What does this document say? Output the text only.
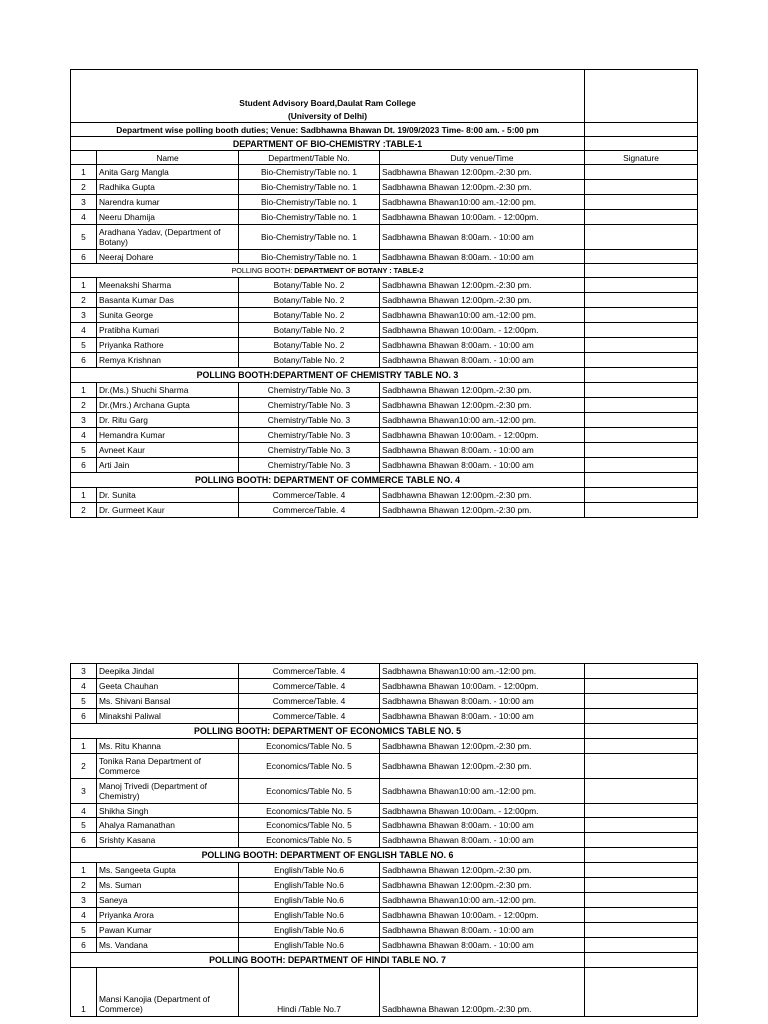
Student Advisory Board,Daulat Ram College				
(University of Delhi)				
Department wise polling booth duties; Venue: Sadbhawna Bhawan Dt. 19/09/2023 Time- 8:00 am. - 5:00 pm				
DEPARTMENT OF BIO-CHEMISTRY :TABLE-1				
	Name	Department/Table No.	Duty venue/Time	Signature
1	Anita Garg Mangla	Bio-Chemistry/Table no. 1	Sadbhawna Bhawan 12:00pm.-2:30 pm.	
2	Radhika Gupta	Bio-Chemistry/Table no. 1	Sadbhawna Bhawan 12:00pm.-2:30 pm.	
3	Narendra kumar	Bio-Chemistry/Table no. 1	Sadbhawna Bhawan10:00 am.-12:00 pm.	
4	Neeru Dhamija	Bio-Chemistry/Table no. 1	Sadbhawna Bhawan 10:00am. - 12:00pm.	
5	Aradhana Yadav, (Department of Botany)	Bio-Chemistry/Table no. 1	Sadbhawna Bhawan 8:00am. - 10:00 am	
6	Neeraj Dohare	Bio-Chemistry/Table no. 1	Sadbhawna Bhawan 8:00am. - 10:00 am	
POLLING BOOTH: DEPARTMENT OF BOTANY : TABLE-2				
1	Meenakshi Sharma	Botany/Table No. 2	Sadbhawna Bhawan 12:00pm.-2:30 pm.	
2	Basanta Kumar Das	Botany/Table No. 2	Sadbhawna Bhawan 12:00pm.-2:30 pm.	
3	Sunita George	Botany/Table No. 2	Sadbhawna Bhawan10:00 am.-12:00 pm.	
4	Pratibha Kumari	Botany/Table No. 2	Sadbhawna Bhawan 10:00am. - 12:00pm.	
5	Priyanka Rathore	Botany/Table No. 2	Sadbhawna Bhawan 8:00am. - 10:00 am	
6	Remya Krishnan	Botany/Table No. 2	Sadbhawna Bhawan 8:00am. - 10:00 am	
POLLING BOOTH:DEPARTMENT OF CHEMISTRY TABLE NO. 3				
1	Dr.(Ms.) Shuchi Sharma	Chemistry/Table No. 3	Sadbhawna Bhawan 12:00pm.-2:30 pm.	
2	Dr.(Mrs.) Archana Gupta	Chemistry/Table No. 3	Sadbhawna Bhawan 12:00pm.-2:30 pm.	
3	Dr. Ritu Garg	Chemistry/Table No. 3	Sadbhawna Bhawan10:00 am.-12:00 pm.	
4	Hemandra Kumar	Chemistry/Table No. 3	Sadbhawna Bhawan 10:00am. - 12:00pm.	
5	Avneet Kaur	Chemistry/Table No. 3	Sadbhawna Bhawan 8:00am. - 10:00 am	
6	Arti Jain	Chemistry/Table No. 3	Sadbhawna Bhawan 8:00am. - 10:00 am	
POLLING BOOTH: DEPARTMENT OF COMMERCE TABLE NO. 4				
1	Dr. Sunita	Commerce/Table. 4	Sadbhawna Bhawan 12:00pm.-2:30 pm.	
2	Dr. Gurmeet Kaur	Commerce/Table. 4	Sadbhawna Bhawan 12:00pm.-2:30 pm.	
3	Deepika Jindal	Commerce/Table. 4	Sadbhawna Bhawan10:00 am.-12:00 pm.	
4	Geeta Chauhan	Commerce/Table. 4	Sadbhawna Bhawan 10:00am. - 12:00pm.	
5	Ms. Shivani Bansal	Commerce/Table. 4	Sadbhawna Bhawan 8:00am. - 10:00 am	
6	Minakshi Paliwal	Commerce/Table. 4	Sadbhawna Bhawan 8:00am. - 10:00 am	
POLLING BOOTH: DEPARTMENT OF ECONOMICS TABLE NO. 5				
1	Ms. Ritu Khanna	Economics/Table No. 5	Sadbhawna Bhawan 12:00pm.-2:30 pm.	
2	Tonika Rana Department of Commerce	Economics/Table No. 5	Sadbhawna Bhawan 12:00pm.-2:30 pm.	
3	Manoj Trivedi (Department of Chemistry)	Economics/Table No. 5	Sadbhawna Bhawan10:00 am.-12:00 pm.	
4	Shikha Singh	Economics/Table No. 5	Sadbhawna Bhawan 10:00am. - 12:00pm.	
5	Ahalya Ramanathan	Economics/Table No. 5	Sadbhawna Bhawan 8:00am. - 10:00 am	
6	Srishty Kasana	Economics/Table No. 5	Sadbhawna Bhawan 8:00am. - 10:00 am	
POLLING BOOTH: DEPARTMENT OF ENGLISH TABLE NO. 6				
1	Ms. Sangeeta Gupta	English/Table No.6	Sadbhawna Bhawan 12:00pm.-2:30 pm.	
2	Ms. Suman	English/Table No.6	Sadbhawna Bhawan 12:00pm.-2:30 pm.	
3	Saneya	English/Table No.6	Sadbhawna Bhawan10:00 am.-12:00 pm.	
4	Priyanka Arora	English/Table No.6	Sadbhawna Bhawan 10:00am. - 12:00pm.	
5	Pawan Kumar	English/Table No.6	Sadbhawna Bhawan 8:00am. - 10:00 am	
6	Ms. Vandana	English/Table No.6	Sadbhawna Bhawan 8:00am. - 10:00 am	
POLLING BOOTH: DEPARTMENT OF HINDI TABLE NO. 7				
1	Mansi Kanojia (Department of Commerce)	Hindi /Table No.7	Sadbhawna Bhawan 12:00pm.-2:30 pm.	
